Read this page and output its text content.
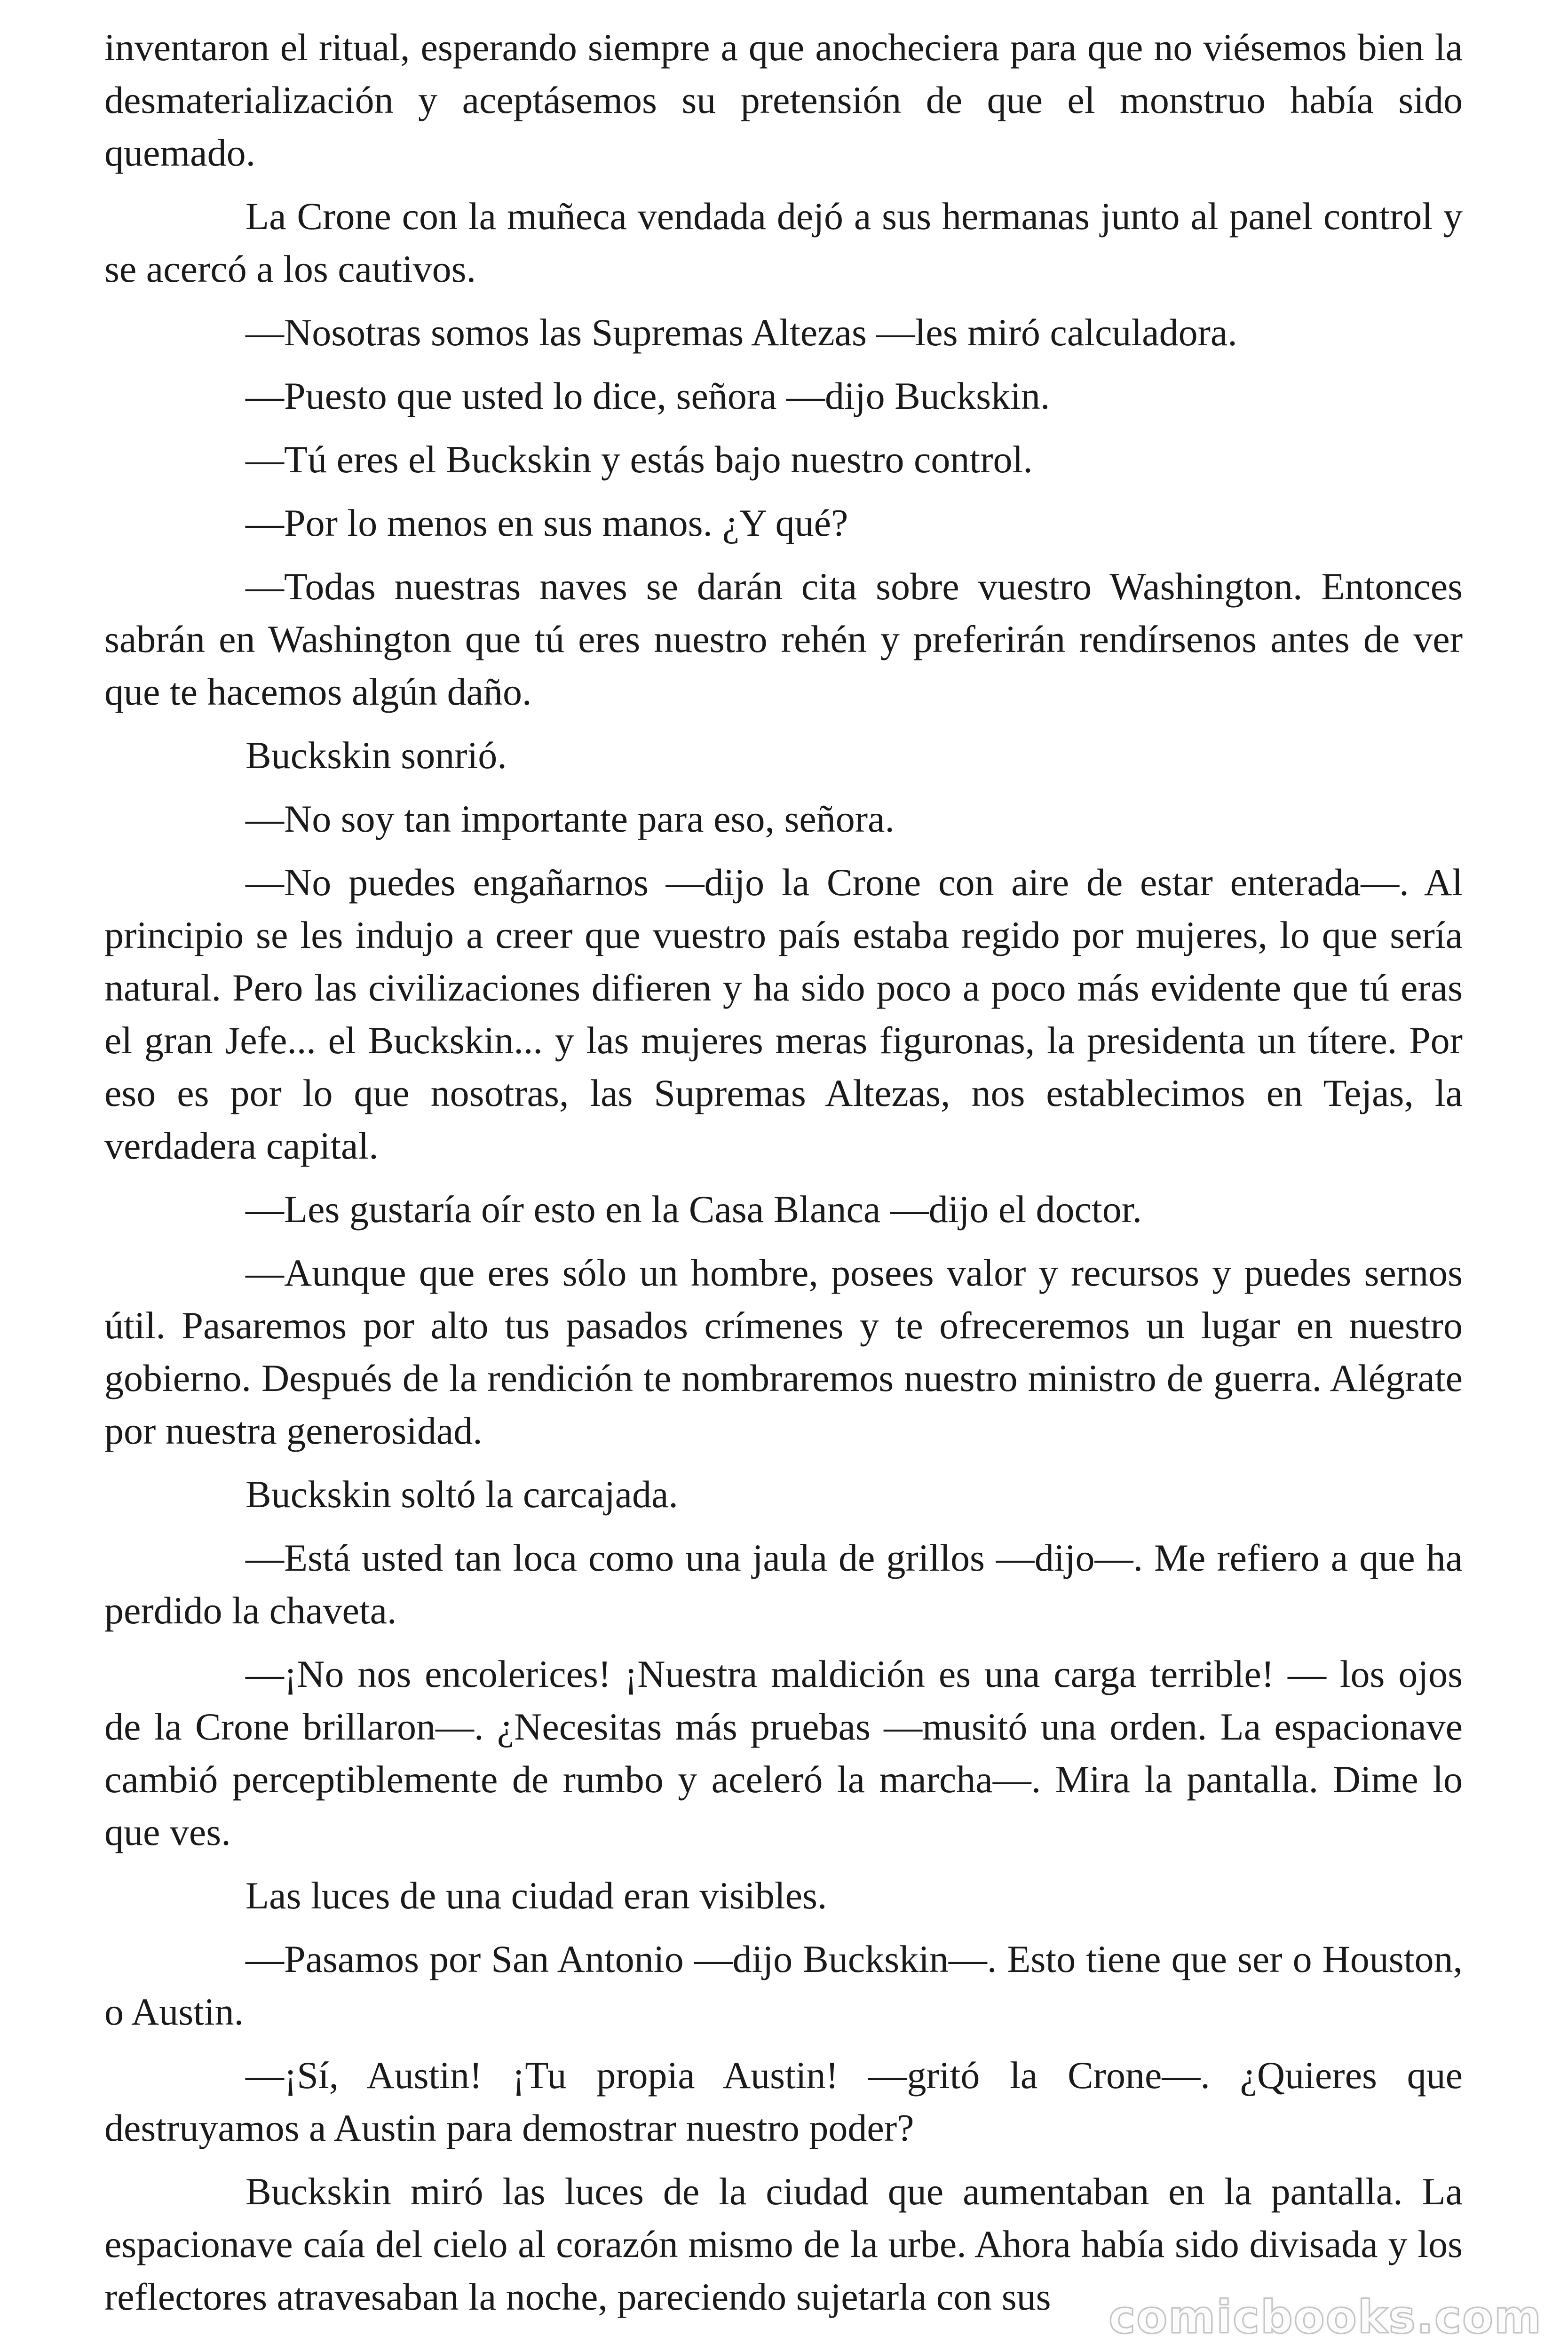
inventaron el ritual, esperando siempre a que anocheciera para que no viésemos bien la desmaterialización y aceptásemos su pretensión de que el monstruo había sido quemado.

La Crone con la muñeca vendada dejó a sus hermanas junto al panel control y se acercó a los cautivos.

—Nosotras somos las Supremas Altezas —les miró calculadora.

—Puesto que usted lo dice, señora —dijo Buckskin.

—Tú eres el Buckskin y estás bajo nuestro control.

—Por lo menos en sus manos. ¿Y qué?

—Todas nuestras naves se darán cita sobre vuestro Washington. Entonces sabrán en Washington que tú eres nuestro rehén y preferirán rendírsenos antes de ver que te hacemos algún daño.

Buckskin sonrió.

—No soy tan importante para eso, señora.

—No puedes engañarnos —dijo la Crone con aire de estar enterada—. Al principio se les indujo a creer que vuestro país estaba regido por mujeres, lo que sería natural. Pero las civilizaciones difieren y ha sido poco a poco más evidente que tú eras el gran Jefe... el Buckskin... y las mujeres meras figuronas, la presidenta un títere. Por eso es por lo que nosotras, las Supremas Altezas, nos establecimos en Tejas, la verdadera capital.

—Les gustaría oír esto en la Casa Blanca —dijo el doctor.

—Aunque que eres sólo un hombre, posees valor y recursos y puedes sernos útil. Pasaremos por alto tus pasados crímenes y te ofreceremos un lugar en nuestro gobierno. Después de la rendición te nombraremos nuestro ministro de guerra. Alégrate por nuestra generosidad.

Buckskin soltó la carcajada.

—Está usted tan loca como una jaula de grillos —dijo—. Me refiero a que ha perdido la chaveta.

—¡No nos encolerices! ¡Nuestra maldición es una carga terrible! — los ojos de la Crone brillaron—. ¿Necesitas más pruebas —musitó una orden. La espacionave cambió perceptiblemente de rumbo y aceleró la marcha—. Mira la pantalla. Dime lo que ves.

Las luces de una ciudad eran visibles.

—Pasamos por San Antonio —dijo Buckskin—. Esto tiene que ser o Houston, o Austin.

—¡Sí, Austin! ¡Tu propia Austin! —gritó la Crone—. ¿Quieres que destruyamos a Austin para demostrar nuestro poder?

Buckskin miró las luces de la ciudad que aumentaban en la pantalla. La espacionave caía del cielo al corazón mismo de la urbe. Ahora había sido divisada y los reflectores atravesaban la noche, pareciendo sujetarla con sus	comicbooks.com
